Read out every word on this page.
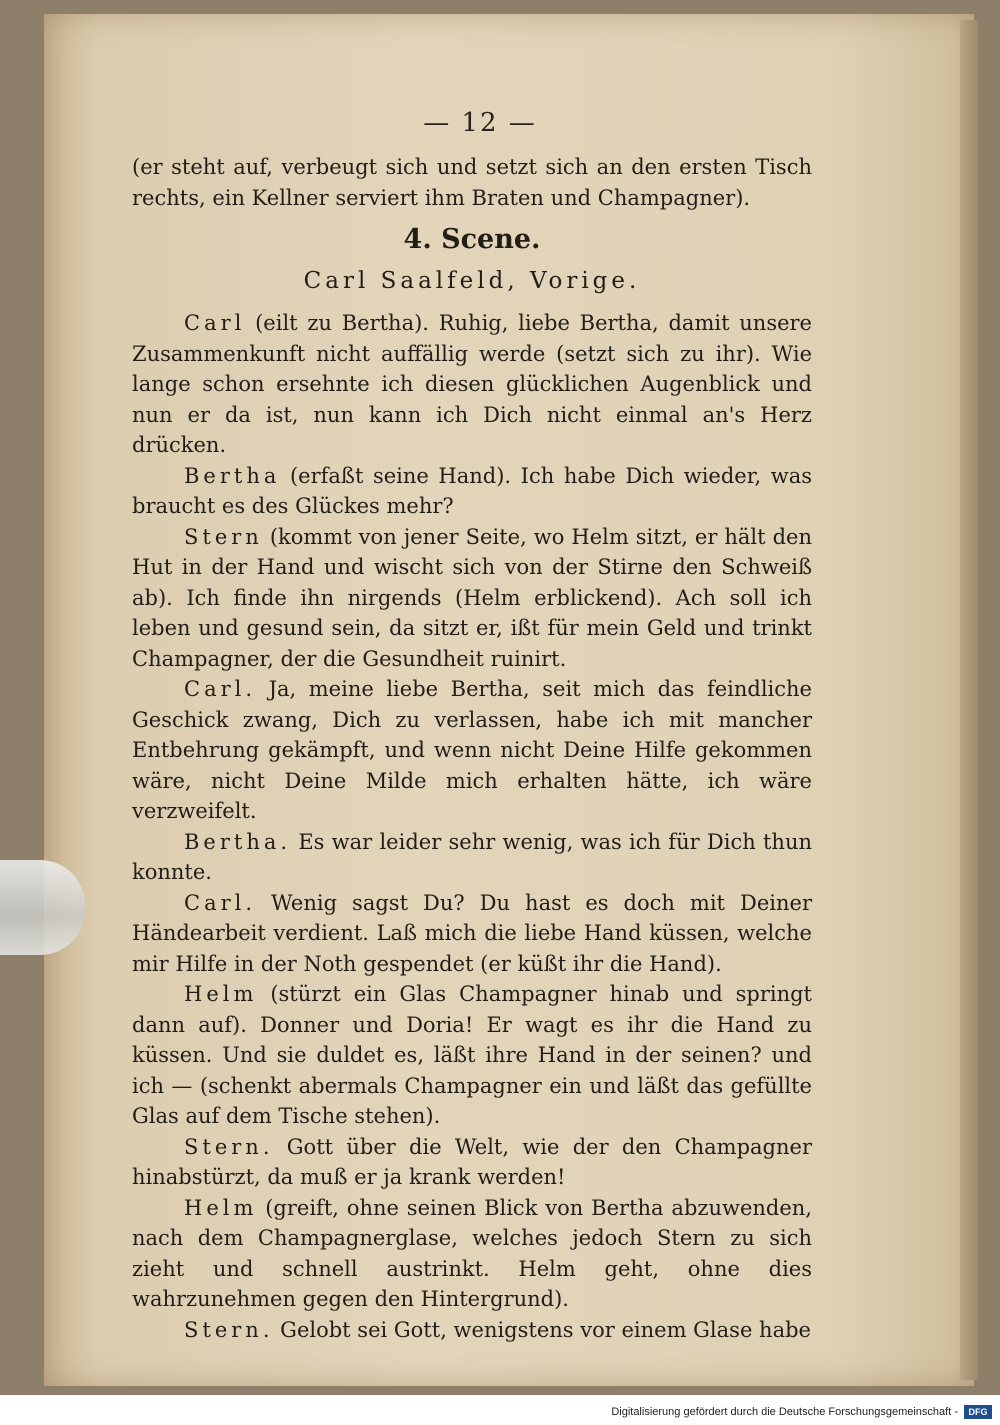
— 12 —

(er steht auf, verbeugt sich und setzt sich an den ersten Tisch rechts, ein Kellner serviert ihm Braten und Champagner).

4. Scene.

Carl Saalfeld, Vorige.

Carl (eilt zu Bertha). Ruhig, liebe Bertha, damit unsere Zusammenkunft nicht auffällig werde (setzt sich zu ihr). Wie lange schon ersehnte ich diesen glücklichen Augenblick und nun er da ist, nun kann ich Dich nicht einmal an's Herz drücken.

Bertha (erfaßt seine Hand). Ich habe Dich wieder, was braucht es des Glückes mehr?

Stern (kommt von jener Seite, wo Helm sitzt, er hält den Hut in der Hand und wischt sich von der Stirne den Schweiß ab). Ich finde ihn nirgends (Helm erblickend). Ach soll ich leben und gesund sein, da sitzt er, ißt für mein Geld und trinkt Champagner, der die Gesundheit ruinirt.

Carl. Ja, meine liebe Bertha, seit mich das feindliche Geschick zwang, Dich zu verlassen, habe ich mit mancher Entbehrung gekämpft, und wenn nicht Deine Hilfe gekommen wäre, nicht Deine Milde mich erhalten hätte, ich wäre verzweifelt.

Bertha. Es war leider sehr wenig, was ich für Dich thun konnte.

Carl. Wenig sagst Du? Du hast es doch mit Deiner Händearbeit verdient. Laß mich die liebe Hand küssen, welche mir Hilfe in der Noth gespendet (er küßt ihr die Hand).

Helm (stürzt ein Glas Champagner hinab und springt dann auf). Donner und Doria! Er wagt es ihr die Hand zu küssen. Und sie duldet es, läßt ihre Hand in der seinen? und ich — (schenkt abermals Champagner ein und läßt das gefüllte Glas auf dem Tische stehen).

Stern. Gott über die Welt, wie der den Champagner hinabstürzt, da muß er ja krank werden!

Helm (greift, ohne seinen Blick von Bertha abzuwenden, nach dem Champagnerglase, welches jedoch Stern zu sich zieht und schnell austrinkt. Helm geht, ohne dies wahrzunehmen gegen den Hintergrund).

Stern. Gelobt sei Gott, wenigstens vor einem Glase habe

Digitalisierung gefördert durch die Deutsche Forschungsgemeinschaft -	DFG
